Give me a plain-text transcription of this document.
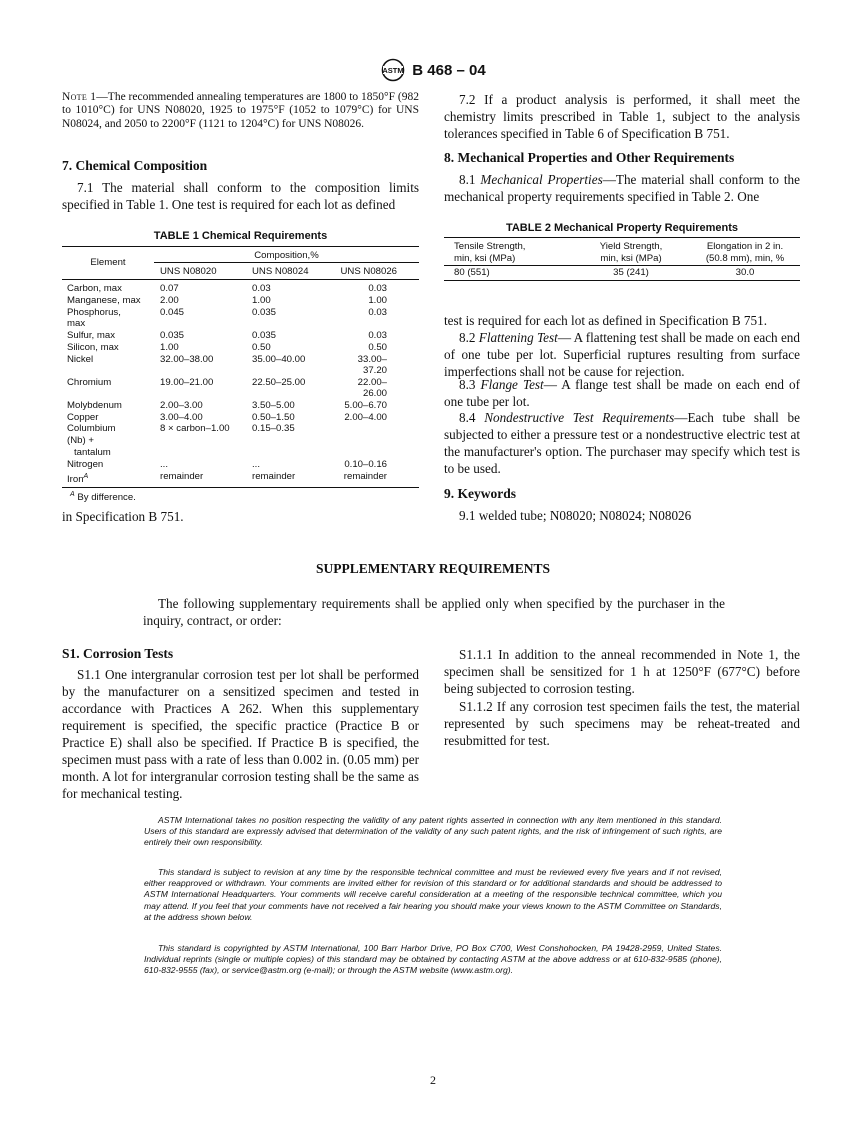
ASTM B 468 – 04

Note 1—The recommended annealing temperatures are 1800 to 1850°F (982 to 1010°C) for UNS N08020, 1925 to 1975°F (1052 to 1079°C) for UNS N08024, and 2050 to 2200°F (1121 to 1204°C) for UNS N08026.

7. Chemical Composition

7.1 The material shall conform to the composition limits specified in Table 1. One test is required for each lot as defined

TABLE 1 Chemical Requirements
Element	Composition,%		
	UNS N08020	UNS N08024	UNS N08026
Carbon, max	0.07	0.03	0.03
Manganese, max	2.00	1.00	1.00
Phosphorus,	0.045	0.035	0.03
max			
Sulfur, max	0.035	0.035	0.03
Silicon, max	1.00	0.50	0.50
Nickel	32.00–38.00	35.00–40.00	33.00–37.20
Chromium	19.00–21.00	22.50–25.00	22.00–26.00
Molybdenum	2.00–3.00	3.50–5.00	5.00–6.70
Copper	3.00–4.00	0.50–1.50	2.00–4.00
Columbium	8 × carbon–1.00	0.15–0.35	
(Nb) +			
tantalum			
Nitrogen	...	...	0.10–0.16
Iron$^A$	remainder	remainder	remainder
$^A$ By difference.

in Specification B 751.

7.2 If a product analysis is performed, it shall meet the chemistry limits prescribed in Table 1, subject to the analysis tolerances specified in Table 6 of Specification B 751.

8. Mechanical Properties and Other Requirements

8.1 Mechanical Properties—The material shall conform to the mechanical property requirements specified in Table 2. One

TABLE 2 Mechanical Property Requirements
Tensile Strength,	Yield Strength,	Elongation in 2 in.
min, ksi (MPa)	min, ksi (MPa)	(50.8 mm), min, %
80 (551)	35 (241)	30.0

test is required for each lot as defined in Specification B 751.

8.2 Flattening Test— A flattening test shall be made on each end of one tube per lot. Superficial ruptures resulting from surface imperfections shall not be cause for rejection.

8.3 Flange Test— A flange test shall be made on each end of one tube per lot.

8.4 Nondestructive Test Requirements—Each tube shall be subjected to either a pressure test or a nondestructive electric test at the manufacturer's option. The purchaser may specify which test is to be used.

9. Keywords

9.1 welded tube; N08020; N08024; N08026

SUPPLEMENTARY REQUIREMENTS

The following supplementary requirements shall be applied only when specified by the purchaser in the inquiry, contract, or order:

S1. Corrosion Tests

S1.1 One intergranular corrosion test per lot shall be performed by the manufacturer on a sensitized specimen and tested in accordance with Practices A 262. When this supplementary requirement is specified, the specific practice (Practice B or Practice E) shall also be specified. If Practice B is specified, the specimen must pass with a rate of less than 0.002 in. (0.05 mm) per month. A lot for intergranular corrosion testing shall be the same as for mechanical testing.

S1.1.1 In addition to the anneal recommended in Note 1, the specimen shall be sensitized for 1 h at 1250°F (677°C) before being subjected to corrosion testing.

S1.1.2 If any corrosion test specimen fails the test, the material represented by such specimens may be reheat-treated and resubmitted for test.

ASTM International takes no position respecting the validity of any patent rights asserted in connection with any item mentioned in this standard. Users of this standard are expressly advised that determination of the validity of any such patent rights, and the risk of infringement of such rights, are entirely their own responsibility.

This standard is subject to revision at any time by the responsible technical committee and must be reviewed every five years and if not revised, either reapproved or withdrawn. Your comments are invited either for revision of this standard or for additional standards and should be addressed to ASTM International Headquarters. Your comments will receive careful consideration at a meeting of the responsible technical committee, which you may attend. If you feel that your comments have not received a fair hearing you should make your views known to the ASTM Committee on Standards, at the address shown below.

This standard is copyrighted by ASTM International, 100 Barr Harbor Drive, PO Box C700, West Conshohocken, PA 19428-2959, United States. Individual reprints (single or multiple copies) of this standard may be obtained by contacting ASTM at the above address or at 610-832-9585 (phone), 610-832-9555 (fax), or service@astm.org (e-mail); or through the ASTM website (www.astm.org).

2
